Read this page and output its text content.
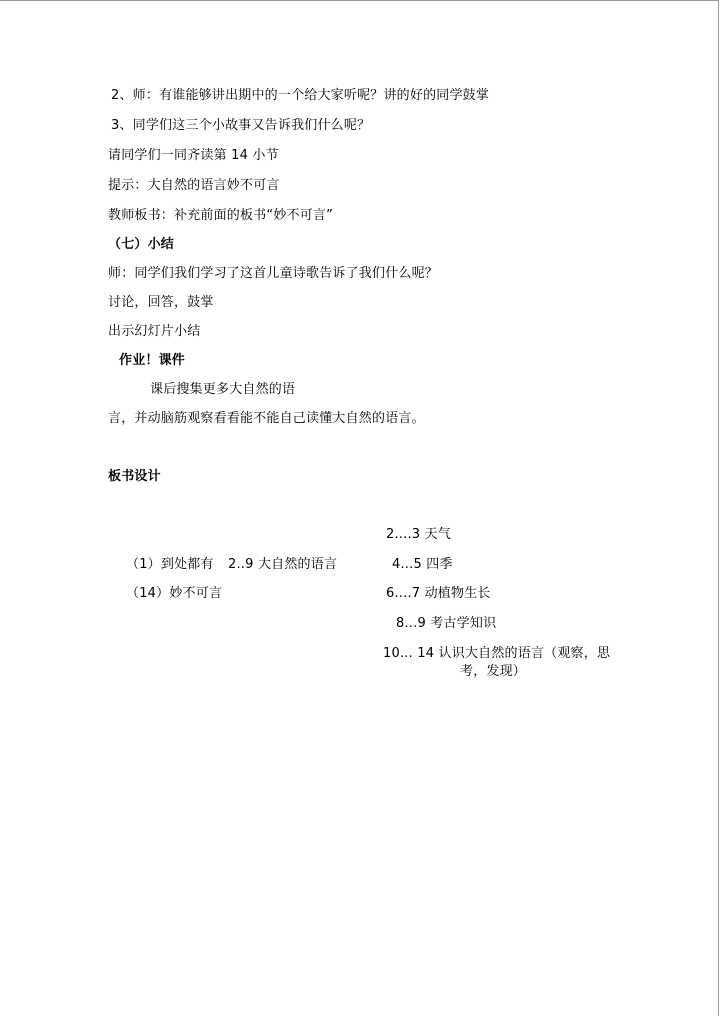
2、师：有谁能够讲出期中的一个给大家听呢？讲的好的同学鼓掌
3、同学们这三个小故事又告诉我们什么呢？
请同学们一同齐读第 14 小节
提示：大自然的语言妙不可言
教师板书：补充前面的板书“妙不可言”
（七）小结
师：同学们我们学习了这首儿童诗歌告诉了我们什么呢？
讨论，回答，鼓掌
出示幻灯片小结
作业！课件
课后搜集更多大自然的语
言，并动脑筋观察看看能不能自己读懂大自然的语言。
板书设计
（1）到处都有 2..9 大自然的语言
（14）妙不可言
2....3 天气
4...5 四季
6....7 动植物生长
8...9 考古学知识
10... 14 认识大自然的语言（观察，思
考，发现）
